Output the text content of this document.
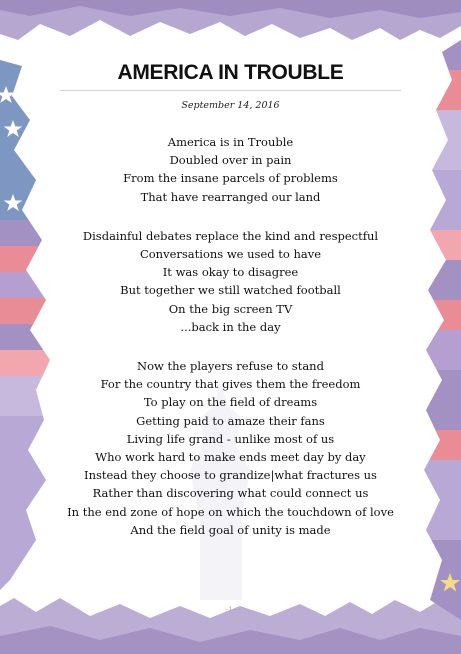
AMERICA IN TROUBLE
September 14, 2016
America is in Trouble
Doubled over in pain
From the insane parcels of problems
That have rearranged our land
Disdainful debates replace the kind and respectful
Conversations we used to have
It was okay to disagree
But together we still watched football
On the big screen TV
...back in the day
Now the players refuse to stand
For the country that gives them the freedom
To play on the field of dreams
Getting paid to amaze their fans
Living life grand - unlike most of us
Who work hard to make ends meet day by day
Instead they choose to grandize|what fractures us
Rather than discovering what could connect us
In the end zone of hope on which the touchdown of love
And the field goal of unity is made
-1-
